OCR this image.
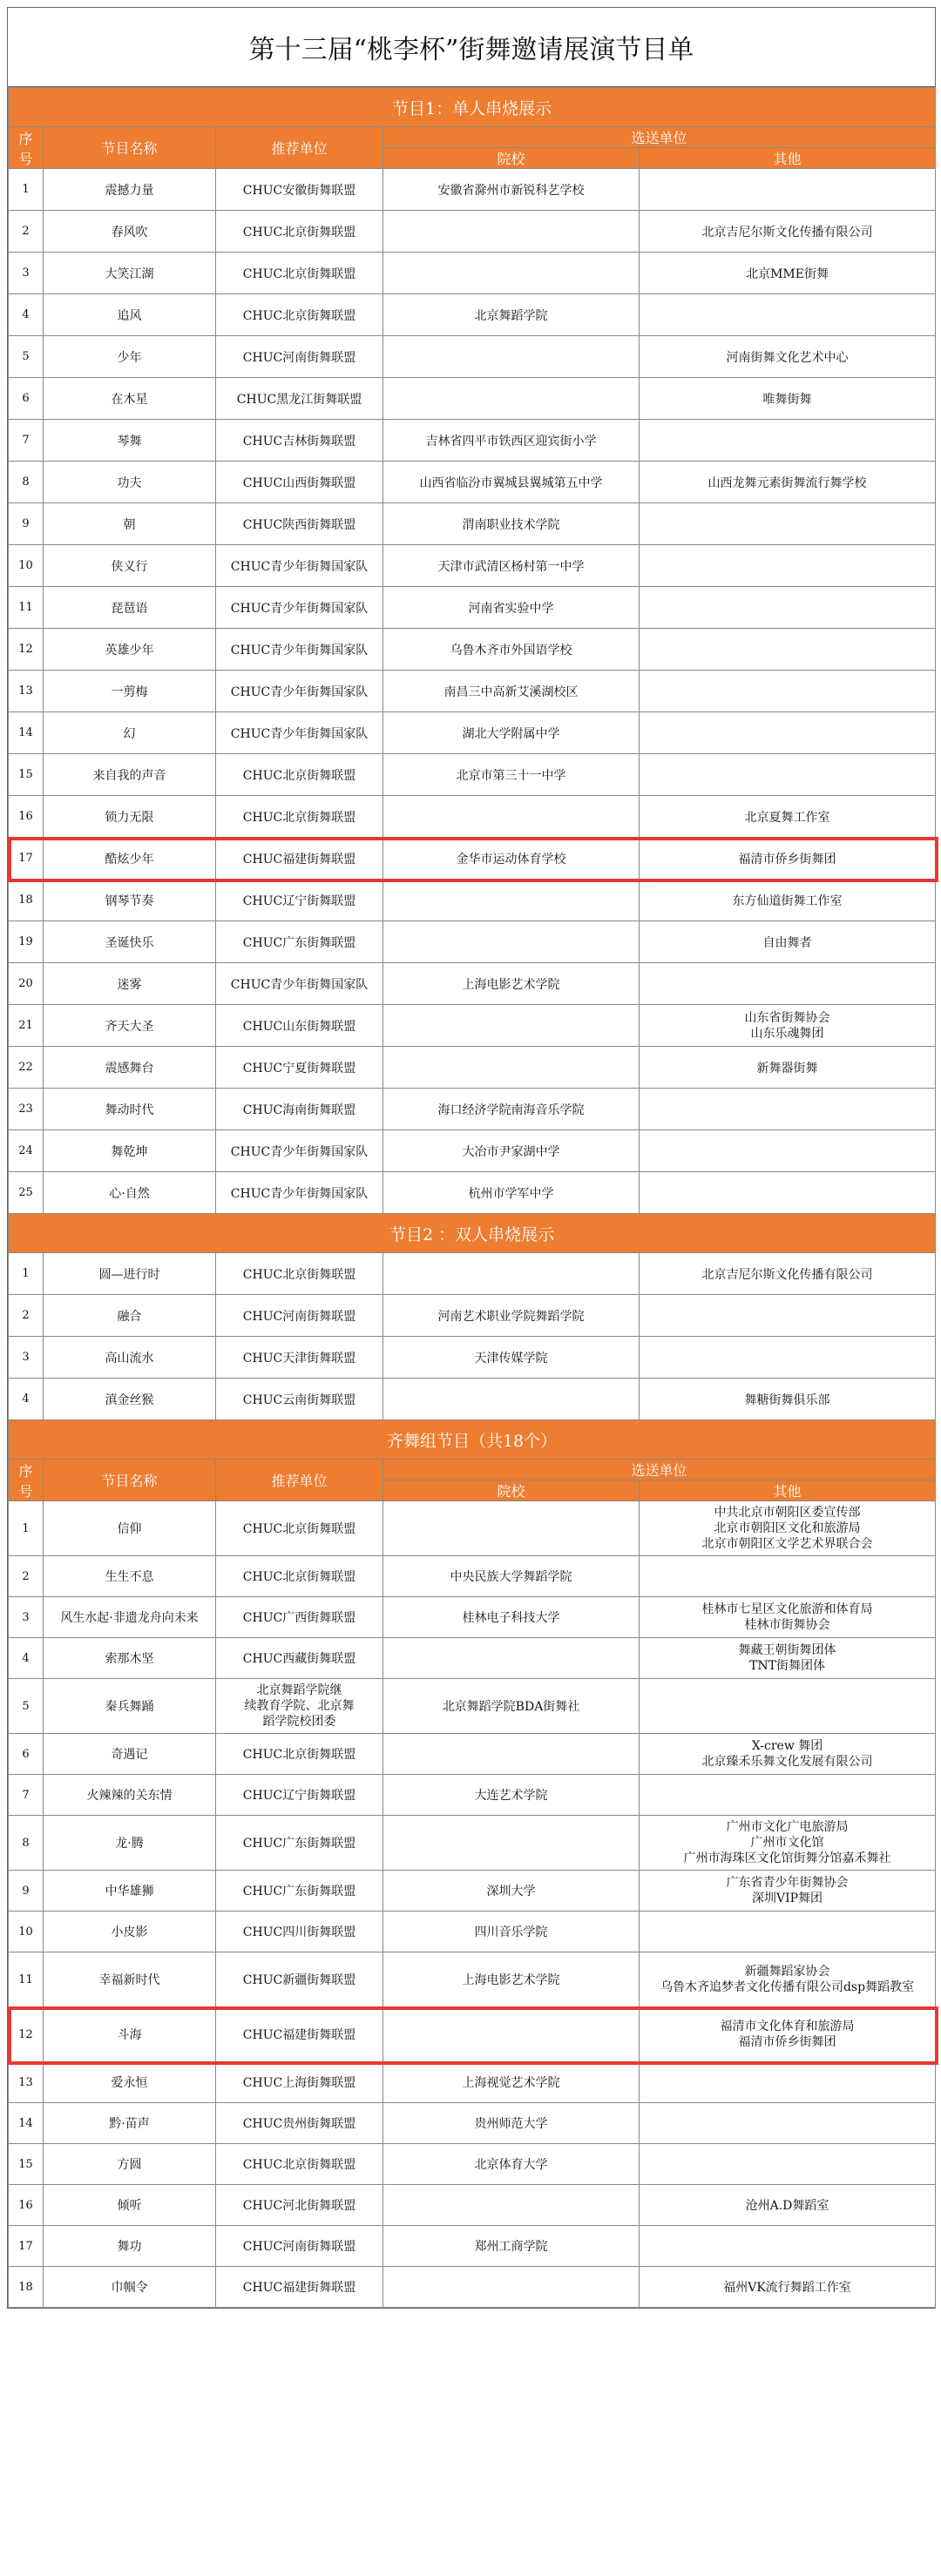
第十三届“桃李杯”街舞邀请展演节目单
节目1：单人串烧展示				
序号	节目名称	推荐单位	选送单位	
			院校	其他
1	震撼力量	CHUC安徽街舞联盟	安徽省滁州市新锐科艺学校	
2	春风吹	CHUC北京街舞联盟		北京吉尼尔斯文化传播有限公司
3	大笑江湖	CHUC北京街舞联盟		北京MME街舞
4	追风	CHUC北京街舞联盟	北京舞蹈学院	
5	少年	CHUC河南街舞联盟		河南街舞文化艺术中心
6	在木星	CHUC黑龙江街舞联盟		唯舞街舞
7	琴舞	CHUC吉林街舞联盟	吉林省四平市铁西区迎宾街小学	
8	功夫	CHUC山西街舞联盟	山西省临汾市翼城县翼城第五中学	山西龙舞元素街舞流行舞学校
9	朝	CHUC陕西街舞联盟	渭南职业技术学院	
10	侠义行	CHUC青少年街舞国家队	天津市武清区杨村第一中学	
11	琵琶语	CHUC青少年街舞国家队	河南省实验中学	
12	英雄少年	CHUC青少年街舞国家队	乌鲁木齐市外国语学校	
13	一剪梅	CHUC青少年街舞国家队	南昌三中高新艾溪湖校区	
14	幻	CHUC青少年街舞国家队	湖北大学附属中学	
15	来自我的声音	CHUC北京街舞联盟	北京市第三十一中学	
16	锁力无限	CHUC北京街舞联盟		北京夏舞工作室
17	酷炫少年	CHUC福建街舞联盟	金华市运动体育学校	福清市侨乡街舞团
18	钢琴节奏	CHUC辽宁街舞联盟		东方仙道街舞工作室
19	圣诞快乐	CHUC广东街舞联盟		自由舞者
20	迷雾	CHUC青少年街舞国家队	上海电影艺术学院	
21	齐天大圣	CHUC山东街舞联盟		山东省街舞协会
山东乐魂舞团

22	震感舞台	CHUC宁夏街舞联盟		新舞器街舞
23	舞动时代	CHUC海南街舞联盟	海口经济学院南海音乐学院	
24	舞乾坤	CHUC青少年街舞国家队	大冶市尹家湖中学	
25	心·自然	CHUC青少年街舞国家队	杭州市学军中学	
节目2 ：双人串烧展示				
1	圆—进行时	CHUC北京街舞联盟		北京吉尼尔斯文化传播有限公司
2	融合	CHUC河南街舞联盟	河南艺术职业学院舞蹈学院	
3	高山流水	CHUC天津街舞联盟	天津传媒学院	
4	滇金丝猴	CHUC云南街舞联盟		舞糖街舞俱乐部
齐舞组节目（共18个）				
序号	节目名称	推荐单位	选送单位	
			院校	其他
1	信仰	CHUC北京街舞联盟		中共北京市朝阳区委宣传部
北京市朝阳区文化和旅游局
北京市朝阳区文学艺术界联合会

2	生生不息	CHUC北京街舞联盟	中央民族大学舞蹈学院	
3	风生水起·非遗龙舟向未来	CHUC广西街舞联盟	桂林电子科技大学	桂林市七星区文化旅游和体育局
桂林市街舞协会

4	索那木坚	CHUC西藏街舞联盟		舞藏王朝街舞团体
TNT街舞团体

5	秦兵舞踊	北京舞蹈学院继
续教育学院、北京舞
蹈学院校团委	北京舞蹈学院BDA街舞社	
6	奇遇记	CHUC北京街舞联盟		X-crew 舞团
北京臻禾乐舞文化发展有限公司

7	火辣辣的关东情	CHUC辽宁街舞联盟	大连艺术学院	
8	龙·腾	CHUC广东街舞联盟		广州市文化广电旅游局
广州市文化馆
广州市海珠区文化馆街舞分馆嘉禾舞社

9	中华雄狮	CHUC广东街舞联盟	深圳大学	广东省青少年街舞协会
深圳VIP舞团

10	小皮影	CHUC四川街舞联盟	四川音乐学院	
11	幸福新时代	CHUC新疆街舞联盟	上海电影艺术学院	新疆舞蹈家协会
乌鲁木齐追梦者文化传播有限公司dsp舞蹈教室

12	斗海	CHUC福建街舞联盟		福清市文化体育和旅游局
福清市侨乡街舞团

13	爱永恒	CHUC上海街舞联盟	上海视觉艺术学院	
14	黔·苗声	CHUC贵州街舞联盟	贵州师范大学	
15	方圆	CHUC北京街舞联盟	北京体育大学	
16	倾听	CHUC河北街舞联盟		沧州A.D舞蹈室
17	舞功	CHUC河南街舞联盟	郑州工商学院	
18	巾帼令	CHUC福建街舞联盟		福州VK流行舞蹈工作室
